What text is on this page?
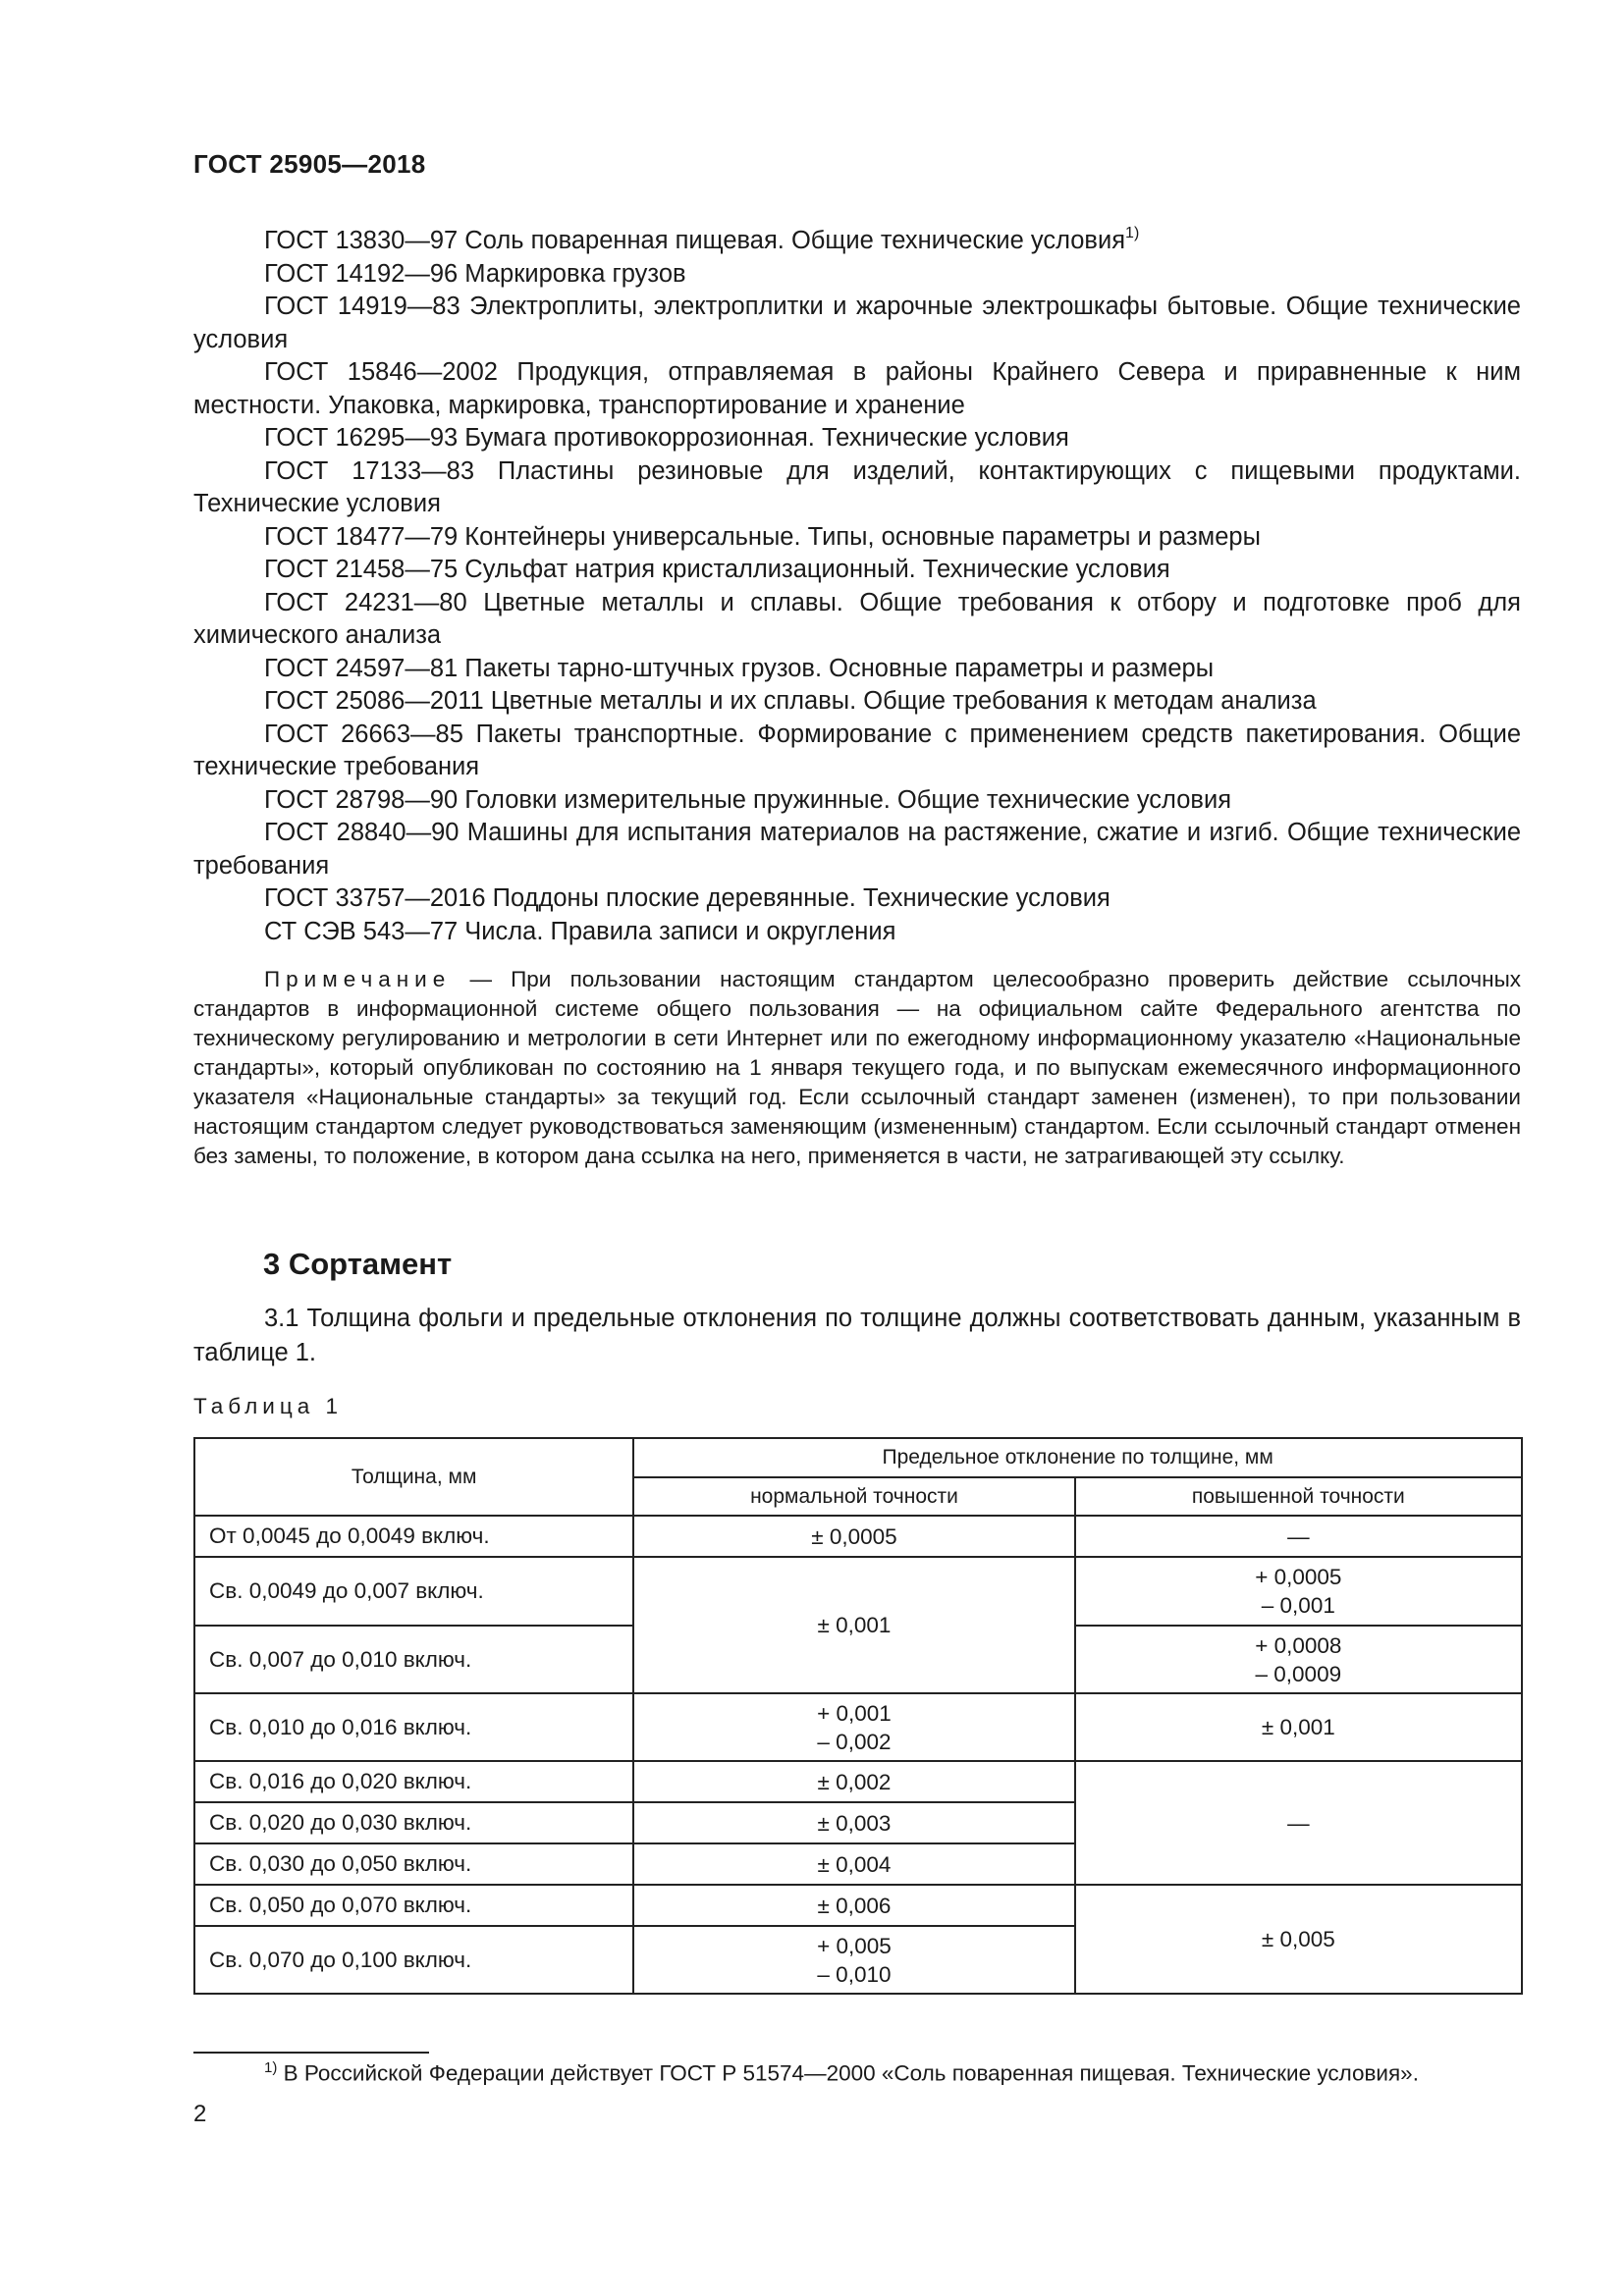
ГОСТ 25905—2018

ГОСТ 13830—97 Соль поваренная пищевая. Общие технические условия$^{1)}$

ГОСТ 14192—96 Маркировка грузов

ГОСТ 14919—83 Электроплиты, электроплитки и жарочные электрошкафы бытовые. Общие технические условия

ГОСТ 15846—2002 Продукция, отправляемая в районы Крайнего Севера и приравненные к ним местности. Упаковка, маркировка, транспортирование и хранение

ГОСТ 16295—93 Бумага противокоррозионная. Технические условия

ГОСТ 17133—83 Пластины резиновые для изделий, контактирующих с пищевыми продуктами. Технические условия

ГОСТ 18477—79 Контейнеры универсальные. Типы, основные параметры и размеры

ГОСТ 21458—75 Сульфат натрия кристаллизационный. Технические условия

ГОСТ 24231—80 Цветные металлы и сплавы. Общие требования к отбору и подготовке проб для химического анализа

ГОСТ 24597—81 Пакеты тарно-штучных грузов. Основные параметры и размеры

ГОСТ 25086—2011 Цветные металлы и их сплавы. Общие требования к методам анализа

ГОСТ 26663—85 Пакеты транспортные. Формирование с применением средств пакетирования. Общие технические требования

ГОСТ 28798—90 Головки измерительные пружинные. Общие технические условия

ГОСТ 28840—90 Машины для испытания материалов на растяжение, сжатие и изгиб. Общие технические требования

ГОСТ 33757—2016 Поддоны плоские деревянные. Технические условия

СТ СЭВ 543—77 Числа. Правила записи и округления

Примечание — При пользовании настоящим стандартом целесообразно проверить действие ссылочных стандартов в информационной системе общего пользования — на официальном сайте Федерального агентства по техническому регулированию и метрологии в сети Интернет или по ежегодному информационному указателю «Национальные стандарты», который опубликован по состоянию на 1 января текущего года, и по выпускам ежемесячного информационного указателя «Национальные стандарты» за текущий год. Если ссылочный стандарт заменен (изменен), то при пользовании настоящим стандартом следует руководствоваться заменяющим (измененным) стандартом. Если ссылочный стандарт отменен без замены, то положение, в котором дана ссылка на него, применяется в части, не затрагивающей эту ссылку.
3 Сортамент
3.1 Толщина фольги и предельные отклонения по толщине должны соответствовать данным, указанным в таблице 1.
Таблица 1
Толщина, мм	Предельное отклонение по толщине, мм	
	нормальной точности	повышенной точности
От 0,0045 до 0,0049 включ.	± 0,0005	—
Св. 0,0049 до 0,007 включ.	± 0,001	+ 0,0005
– 0,001

Св. 0,007 до 0,010 включ.		+ 0,0008
– 0,0009

Св. 0,010 до 0,016 включ.	+ 0,001
– 0,002	± 0,001
Св. 0,016 до 0,020 включ.	± 0,002	—
Св. 0,020 до 0,030 включ.	± 0,003	
Св. 0,030 до 0,050 включ.	± 0,004	
Св. 0,050 до 0,070 включ.	± 0,006	± 0,005
Св. 0,070 до 0,100 включ.	+ 0,005
– 0,010	
$^{1)}$ В Российской Федерации действует ГОСТ Р 51574—2000 «Соль поваренная пищевая. Технические условия».
2
